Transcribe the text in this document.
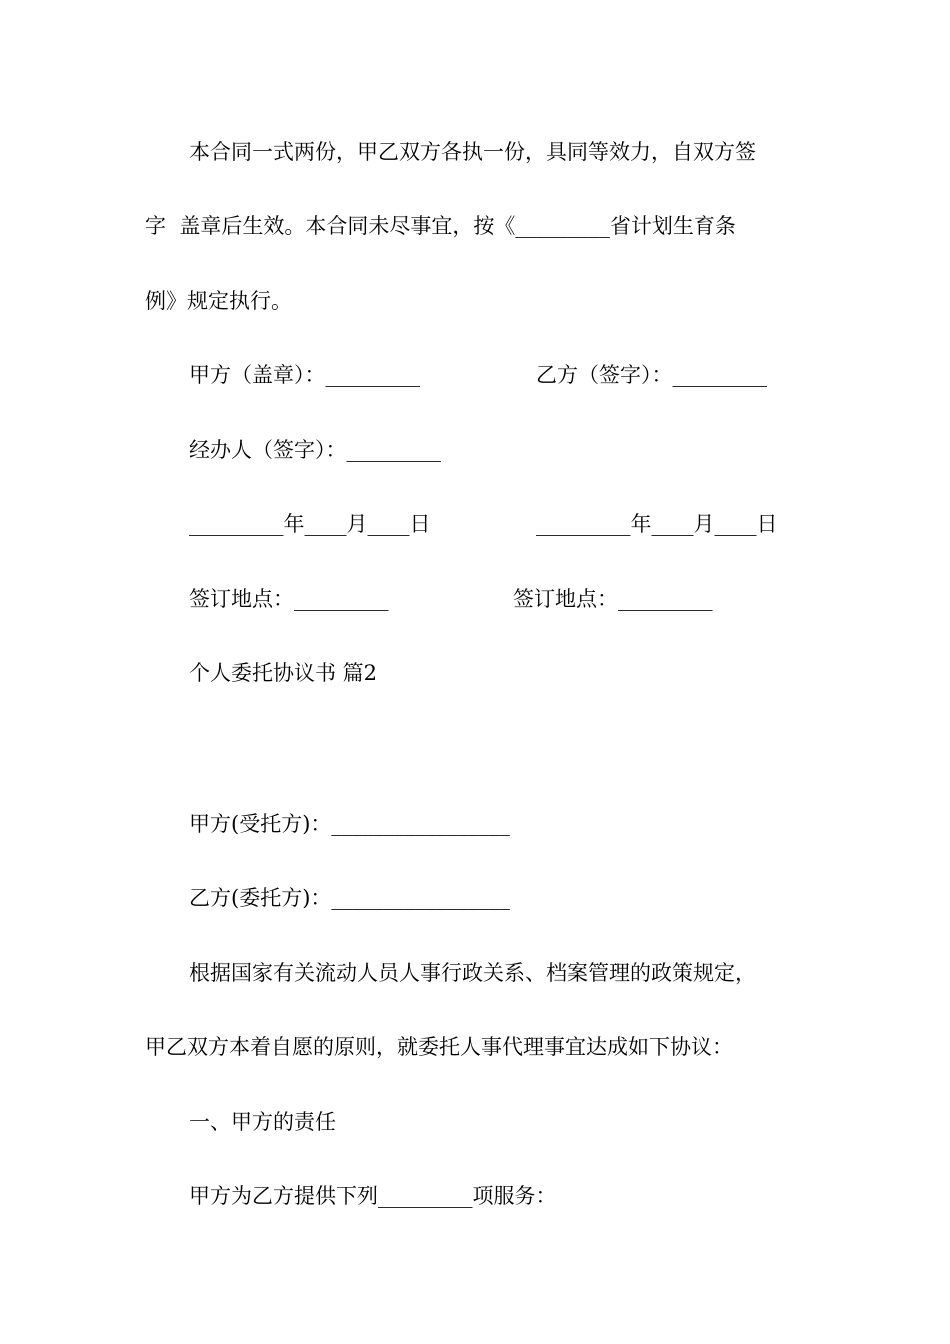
本合同一式两份，甲乙双方各执一份，具同等效力，自双方签
字  盖章后生效。本合同未尽事宜，按《_________省计划生育条
例》规定执行。
甲方（盖章）：_________	乙方（签字）：_________
经办人（签字）：_________
_________年____月____日	_________年____月____日
签订地点：_________	签订地点：_________
个人委托协议书 篇2
甲方(受托方)：_________________
乙方(委托方)：_________________
根据国家有关流动人员人事行政关系、档案管理的政策规定，
甲乙双方本着自愿的原则，就委托人事代理事宜达成如下协议：
一、甲方的责任
甲方为乙方提供下列_________项服务：
